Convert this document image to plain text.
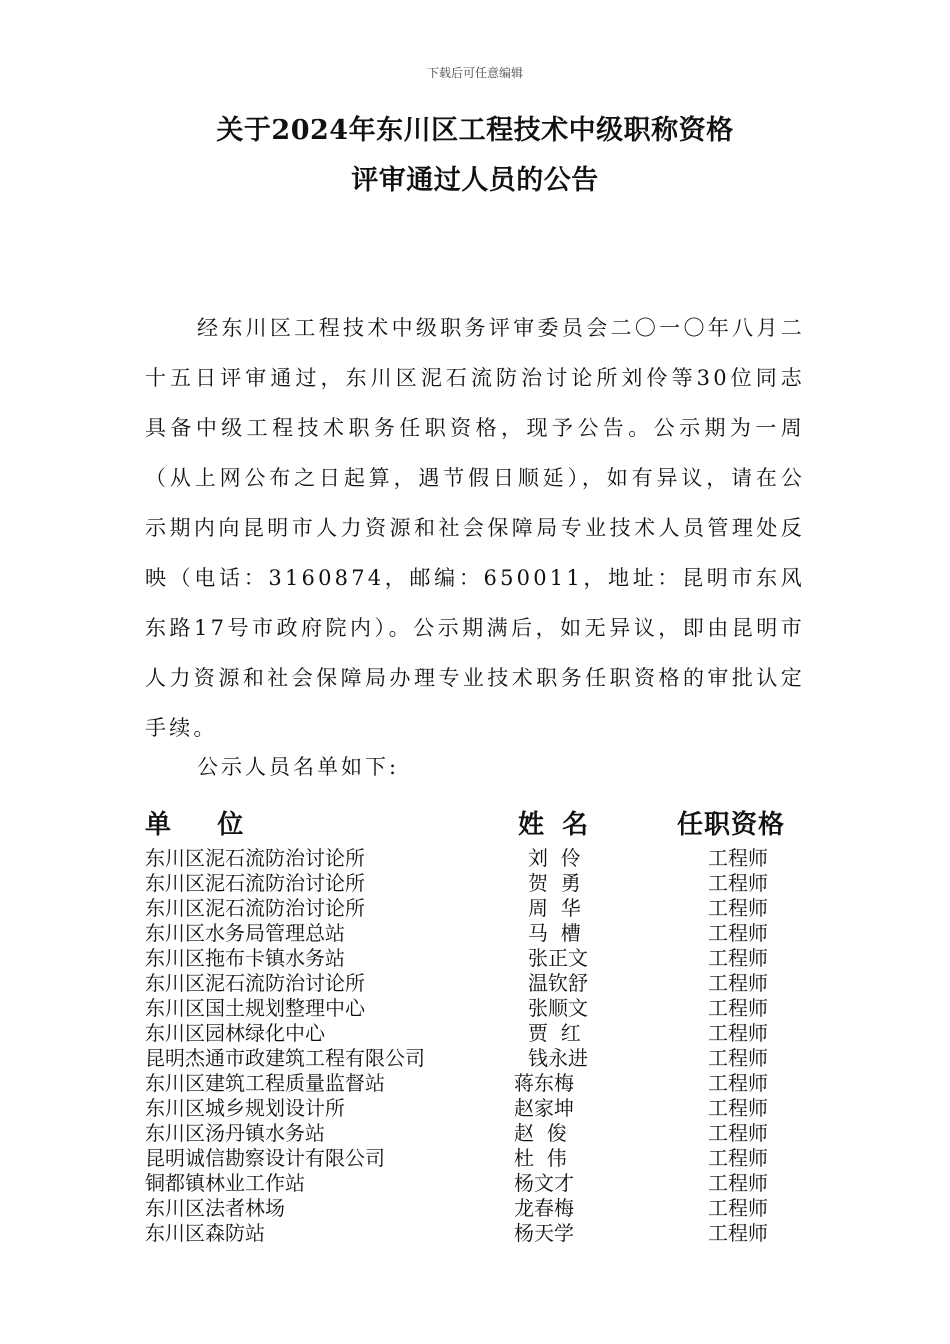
下载后可任意编辑
关于2024年东川区工程技术中级职称资格
评审通过人员的公告

经东川区工程技术中级职务评审委员会二〇一〇年八月二十五日评审通过，东川区泥石流防治讨论所刘伶等30位同志具备中级工程技术职务任职资格，现予公告。公示期为一周（从上网公布之日起算，遇节假日顺延），如有异议，请在公示期内向昆明市人力资源和社会保障局专业技术人员管理处反映（电话：3160874，邮编：650011，地址：昆明市东风东路17号市政府院内）。公示期满后，如无异议，即由昆明市人力资源和社会保障局办理专业技术职务任职资格的审批认定手续。

公示人员名单如下:
单    位	姓  名	任职资格
东川区泥石流防治讨论所	刘  伶	工程师
东川区泥石流防治讨论所	贺  勇	工程师
东川区泥石流防治讨论所	周  华	工程师
东川区水务局管理总站	马  槽	工程师
东川区拖布卡镇水务站	张正文	工程师
东川区泥石流防治讨论所	温钦舒	工程师
东川区国土规划整理中心	张顺文	工程师
东川区园林绿化中心	贾  红	工程师
昆明杰通市政建筑工程有限公司	钱永进	工程师
东川区建筑工程质量监督站	蒋东梅	工程师
东川区城乡规划设计所	赵家坤	工程师
东川区汤丹镇水务站	赵  俊	工程师
昆明诚信勘察设计有限公司	杜  伟	工程师
铜都镇林业工作站	杨文才	工程师
东川区法者林场	龙春梅	工程师
东川区森防站	杨天学	工程师
